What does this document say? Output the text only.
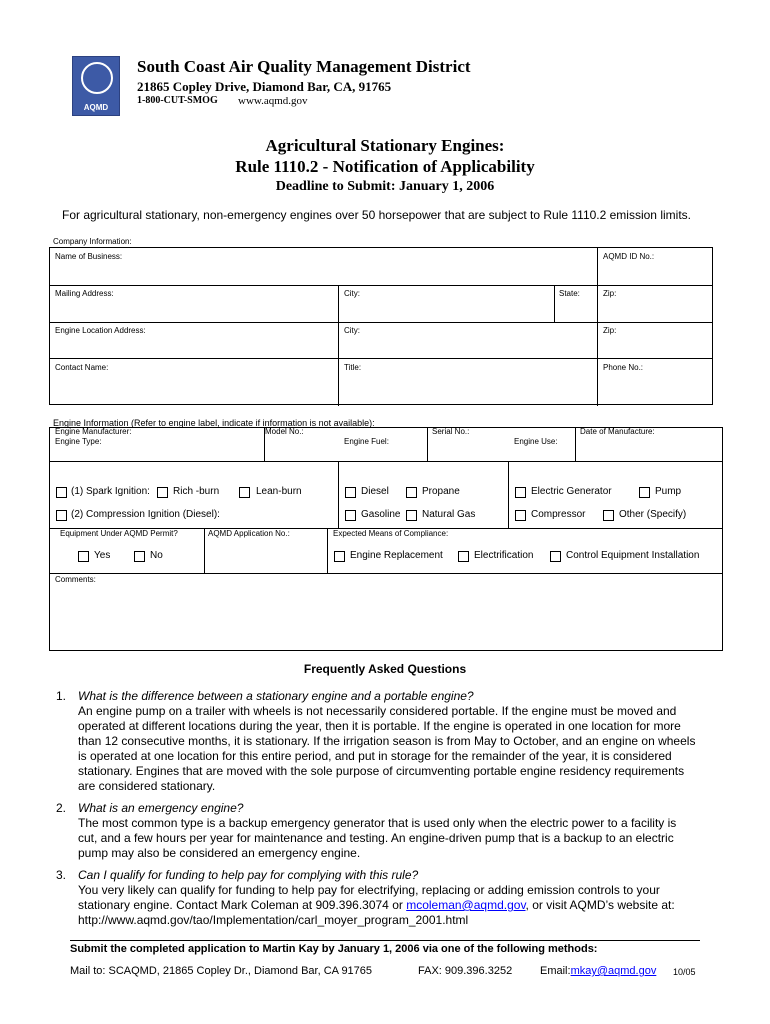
AQMD
South Coast Air Quality Management District
21865 Copley Drive, Diamond Bar, CA, 91765
1-800-CUT-SMOG www.aqmd.gov
Agricultural Stationary Engines:
Rule 1110.2 - Notification of Applicability
Deadline to Submit: January 1, 2006
For agricultural stationary, non-emergency engines over 50 horsepower that are subject to Rule 1110.2 emission limits.
Company Information:
Name of Business:	AQMD ID No.:
Mailing Address:	City:	State:	Zip:
Engine Location Address:	City:	Zip:
Contact Name:	Title:	Phone No.:
Engine Information (Refer to engine label, indicate if information is not available):
Engine Manufacturer:	Model No.:	Serial No.:	Date of Manufacture:
Engine Type:	Engine Fuel:	Engine Use:
(1) Spark Ignition: Rich -burn	Lean-burn
(2) Compression Ignition (Diesel):
Diesel	Propane
Gasoline Natural Gas
Electric Generator	Pump
Compressor	Other (Specify)
Equipment Under AQMD Permit?	AQMD Application No.:	Expected Means of Compliance:
Yes	No	Engine Replacement	Electrification	Control Equipment Installation
Comments:
Frequently Asked Questions
1. What is the difference between a stationary engine and a portable engine?
An engine pump on a trailer with wheels is not necessarily considered portable. If the engine must be moved and operated at different locations during the year, then it is portable. If the engine is operated in one location for more than 12 consecutive months, it is stationary. If the irrigation season is from May to October, and an engine on wheels is operated at one location for this entire period, and put in storage for the remainder of the year, it is considered stationary. Engines that are moved with the sole purpose of circumventing portable engine residency requirements are considered stationary.
2. What is an emergency engine?
The most common type is a backup emergency generator that is used only when the electric power to a facility is cut, and a few hours per year for maintenance and testing. An engine-driven pump that is a backup to an electric pump may also be considered an emergency engine.
3. Can I qualify for funding to help pay for complying with this rule?
You very likely can qualify for funding to help pay for electrifying, replacing or adding emission controls to your stationary engine. Contact Mark Coleman at 909.396.3074 or mcoleman@aqmd.gov, or visit AQMD’s website at: http://www.aqmd.gov/tao/Implementation/carl_moyer_program_2001.html
Submit the completed application to Martin Kay by January 1, 2006 via one of the following methods:
Mail to: SCAQMD, 21865 Copley Dr., Diamond Bar, CA 91765	FAX: 909.396.3252	Email:mkay@aqmd.gov 10/05
